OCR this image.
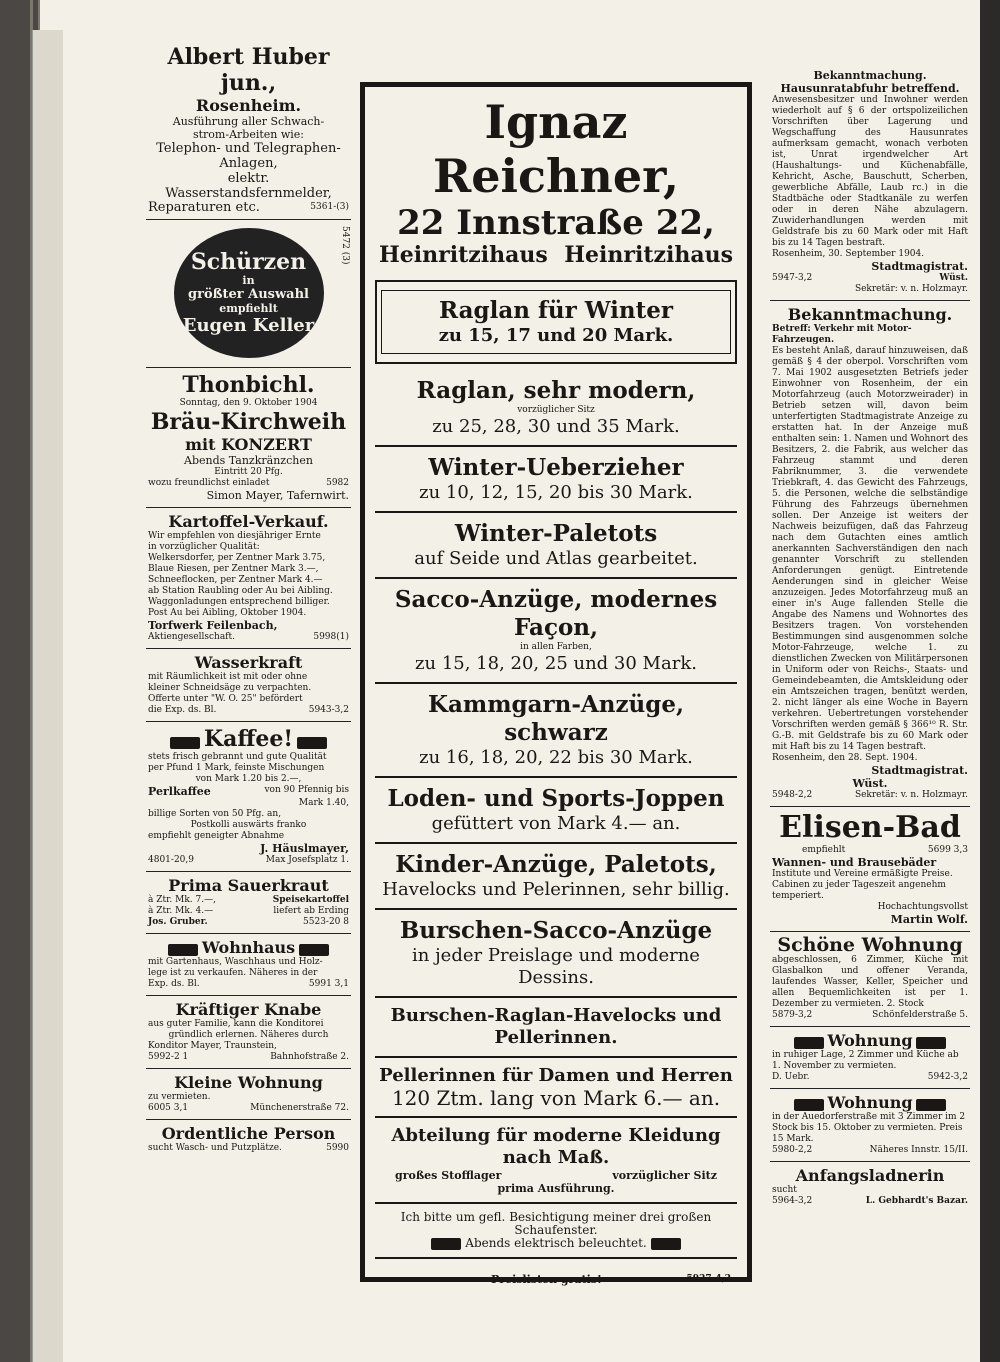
Albert Huber jun.,
Rosenheim.
Ausführung aller Schwach-
strom-Arbeiten wie:
Telephon- und Telegraphen-
Anlagen,
elektr. Wasserstandsfernmelder,
Reparaturen etc.	5361-(3)
Schürzen
in
größter Auswahl
empfiehlt
Eugen Keller
5472 (3)
Thonbichl.
Sonntag, den 9. Oktober 1904
Bräu-Kirchweih
mit KONZERT
Abends Tanzkränzchen
Eintritt 20 Pfg.
wozu freundlichst einladet	5982
Simon Mayer, Tafernwirt.
Kartoffel-Verkauf.
Wir empfehlen von diesjähriger Ernte
in vorzüglicher Qualität:
Welkersdorfer, per Zentner Mark 3.75,
Blaue Riesen, per Zentner Mark 3.—,
Schneeflocken, per Zentner Mark 4.—
ab Station Raubling oder Au bei Aibling.
Waggonladungen entsprechend billiger.
Post Au bei Aibling, Oktober 1904.
Torfwerk Feilenbach,
Aktiengesellschaft.	5998(1)
Wasserkraft
mit Räumlichkeit ist mit oder ohne
kleiner Schneidsäge zu verpachten.
Offerte unter "W. O. 25" befördert
die Exp. ds. Bl.	5943-3,2
Kaffee!
stets frisch gebrannt und gute Qualität
per Pfund 1 Mark, feinste Mischungen
von Mark 1.20 bis 2.—,
Perlkaffee	von 90 Pfennig bis
Mark 1.40,
billige Sorten von 50 Pfg. an,
Postkolli auswärts franko
empfiehlt geneigter Abnahme
J. Häuslmayer,
4801-20,9	Max Josefsplatz 1.
Prima Sauerkraut
à Ztr. Mk. 7.—,	Speisekartoffel
à Ztr. Mk. 4.—	liefert ab Erding
Jos. Gruber.	5523-20 8
Wohnhaus
mit Gartenhaus, Waschhaus und Holz-
lege ist zu verkaufen. Näheres in der
Exp. ds. Bl.	5991 3,1
Kräftiger Knabe
aus guter Familie, kann die Konditorei
gründlich erlernen. Näheres durch
Konditor Mayer, Traunstein,
5992-2 1	Bahnhofstraße 2.
Kleine Wohnung
zu vermieten.
6005 3,1	Münchenerstraße 72.
Ordentliche Person
sucht Wasch- und Putzplätze.	5990
Ignaz Reichner,
22 Innstraße 22,
Heinritzihaus Heinritzihaus
Raglan für Winter
zu 15, 17 und 20 Mark.
Raglan, sehr modern,
vorzüglicher Sitz
zu 25, 28, 30 und 35 Mark.
Winter-Ueberzieher
zu 10, 12, 15, 20 bis 30 Mark.
Winter-Paletots
auf Seide und Atlas gearbeitet.
Sacco-Anzüge, modernes Façon,
in allen Farben,
zu 15, 18, 20, 25 und 30 Mark.
Kammgarn-Anzüge, schwarz
zu 16, 18, 20, 22 bis 30 Mark.
Loden- und Sports-Joppen
gefüttert von Mark 4.— an.
Kinder-Anzüge, Paletots,
Havelocks und Pelerinnen, sehr billig.
Burschen-Sacco-Anzüge
in jeder Preislage und moderne Dessins.
Burschen-Raglan-Havelocks und Pellerinnen.
Pellerinnen für Damen und Herren
120 Ztm. lang von Mark 6.— an.
Abteilung für moderne Kleidung nach Maß.
großes Stofflager	vorzüglicher Sitz
prima Ausführung.
Ich bitte um gefl. Besichtigung meiner drei großen Schaufenster.
Abends elektrisch beleuchtet.
Preislisten gratis!	5927-4,2
Bekanntmachung.
Hausunratabfuhr betreffend.
Anwesensbesitzer und Inwohner werden wiederholt auf § 6 der ortspolizeilichen Vorschriften über Lagerung und Wegschaffung des Hausunrates aufmerksam gemacht, wonach verboten ist, Unrat irgendwelcher Art (Haushaltungs- und Küchenabfälle, Kehricht, Asche, Bauschutt, Scherben, gewerbliche Abfälle, Laub rc.) in die Stadtbäche oder Stadtkanäle zu werfen oder in deren Nähe abzulagern. Zuwiderhandlungen werden mit Geldstrafe bis zu 60 Mark oder mit Haft bis zu 14 Tagen bestraft.
Rosenheim, 30. September 1904.
Stadtmagistrat.
5947-3,2	Wüst.
Sekretär: v. n. Holzmayr.
Bekanntmachung.
Betreff: Verkehr mit Motor-Fahrzeugen.
Es besteht Anlaß, darauf hinzuweisen, daß gemäß § 4 der oberpol. Vorschriften vom 7. Mai 1902 ausgesetzten Betriefs jeder Einwohner von Rosenheim, der ein Motorfahrzeug (auch Motorzweirader) in Betrieb setzen will, davon beim unterfertigten Stadtmagistrate Anzeige zu erstatten hat. In der Anzeige muß enthalten sein: 1. Namen und Wohnort des Besitzers, 2. die Fabrik, aus welcher das Fahrzeug stammt und deren Fabriknummer, 3. die verwendete Triebkraft, 4. das Gewicht des Fahrzeugs, 5. die Personen, welche die selbständige Führung des Fahrzeugs übernehmen sollen. Der Anzeige ist weiters der Nachweis beizufügen, daß das Fahrzeug nach dem Gutachten eines amtlich anerkannten Sachverständigen den nach genannter Vorschrift zu stellenden Anforderungen genügt. Eintretende Aenderungen sind in gleicher Weise anzuzeigen. Jedes Motorfahrzeug muß an einer in's Auge fallenden Stelle die Angabe des Namens und Wohnortes des Besitzers tragen. Von vorstehenden Bestimmungen sind ausgenommen solche Motor-Fahrzeuge, welche 1. zu dienstlichen Zwecken von Militärpersonen in Uniform oder von Reichs-, Staats- und Gemeindebeamten, die Amtskleidung oder ein Amtszeichen tragen, benützt werden, 2. nicht länger als eine Woche in Bayern verkehren. Uebertretungen vorstehender Vorschriften werden gemäß § 366¹⁰ R. Str. G.-B. mit Geldstrafe bis zu 60 Mark oder mit Haft bis zu 14 Tagen bestraft.
Rosenheim, den 28. Sept. 1904.
Stadtmagistrat.
Wüst.
5948-2,2	Sekretär: v. n. Holzmayr.
Elisen-Bad
empfiehlt	5699 3,3
Wannen- und Brausebäder
Institute und Vereine ermäßigte Preise.
Cabinen zu jeder Tageszeit angenehm temperiert.
Hochachtungsvollst
Martin Wolf.
Schöne Wohnung
abgeschlossen, 6 Zimmer, Küche mit Glasbalkon und offener Veranda, laufendes Wasser, Keller, Speicher und allen Bequemlichkeiten ist per 1. Dezember zu vermieten. 2. Stock
5879-3,2	Schönfelderstraße 5.
Wohnung
in ruhiger Lage, 2 Zimmer und Küche ab 1. November zu vermieten.
D. Uebr.	5942-3,2
Wohnung
in der Auedorferstraße mit 3 Zimmer im 2 Stock bis 15. Oktober zu vermieten. Preis 15 Mark.
5980-2,2	Näheres Innstr. 15/II.
Anfangsladnerin
sucht
5964-3,2	L. Gebhardt's Bazar.
